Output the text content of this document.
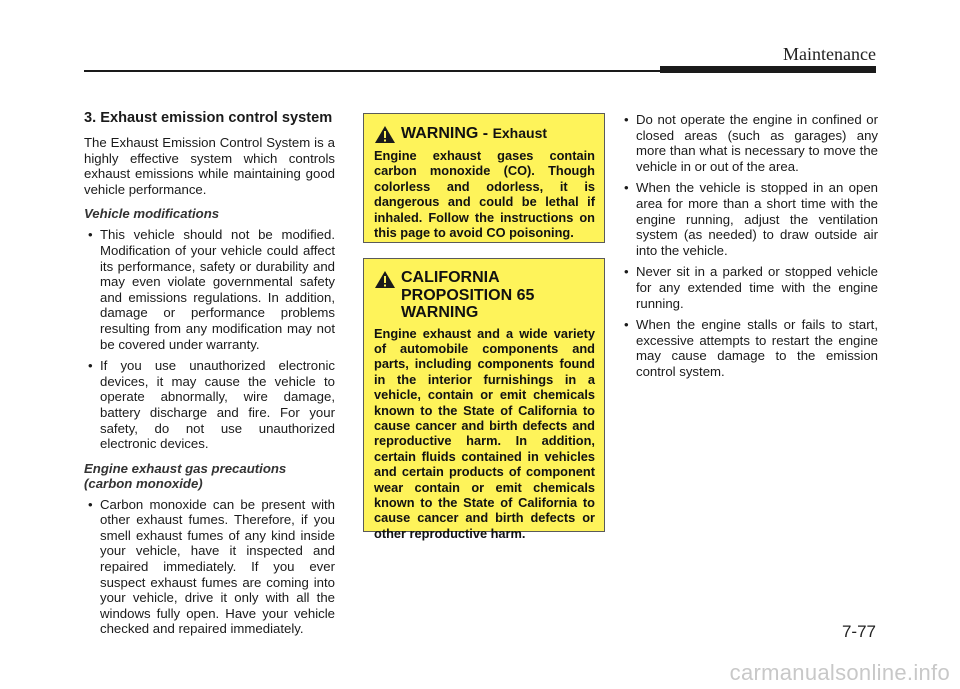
Maintenance
3. Exhaust emission control system

The Exhaust Emission Control System is a highly effective system which controls exhaust emissions while maintaining good vehicle performance.

Vehicle modifications
• This vehicle should not be modified. Modification of your vehicle could affect its performance, safety or durability and may even violate governmental safety and emissions regulations. In addition, damage or performance problems resulting from any modification may not be covered under warranty.
• If you use unauthorized electronic devices, it may cause the vehicle to operate abnormally, wire damage, battery discharge and fire. For your safety, do not use unauthorized electronic devices.
Engine exhaust gas precautions (carbon monoxide)
• Carbon monoxide can be present with other exhaust fumes. Therefore, if you smell exhaust fumes of any kind inside your vehicle, have it inspected and repaired immediately. If you ever suspect exhaust fumes are coming into your vehicle, drive it only with all the windows fully open. Have your vehicle checked and repaired immediately.
WARNING - Exhaust

Engine exhaust gases contain carbon monoxide (CO). Though colorless and odorless, it is dangerous and could be lethal if inhaled. Follow the instructions on this page to avoid CO poisoning.

CALIFORNIA PROPOSITION 65 WARNING

Engine exhaust and a wide variety of automobile components and parts, including components found in the interior furnishings in a vehicle, contain or emit chemicals known to the State of California to cause cancer and birth defects and reproductive harm. In addition, certain fluids contained in vehicles and certain products of component wear contain or emit chemicals known to the State of California to cause cancer and birth defects or other reproductive harm.

• Do not operate the engine in confined or closed areas (such as garages) any more than what is necessary to move the vehicle in or out of the area.
• When the vehicle is stopped in an open area for more than a short time with the engine running, adjust the ventilation system (as needed) to draw outside air into the vehicle.
• Never sit in a parked or stopped vehicle for any extended time with the engine running.
• When the engine stalls or fails to start, excessive attempts to restart the engine may cause damage to the emission control system.
7-77
carmanualsonline.info
